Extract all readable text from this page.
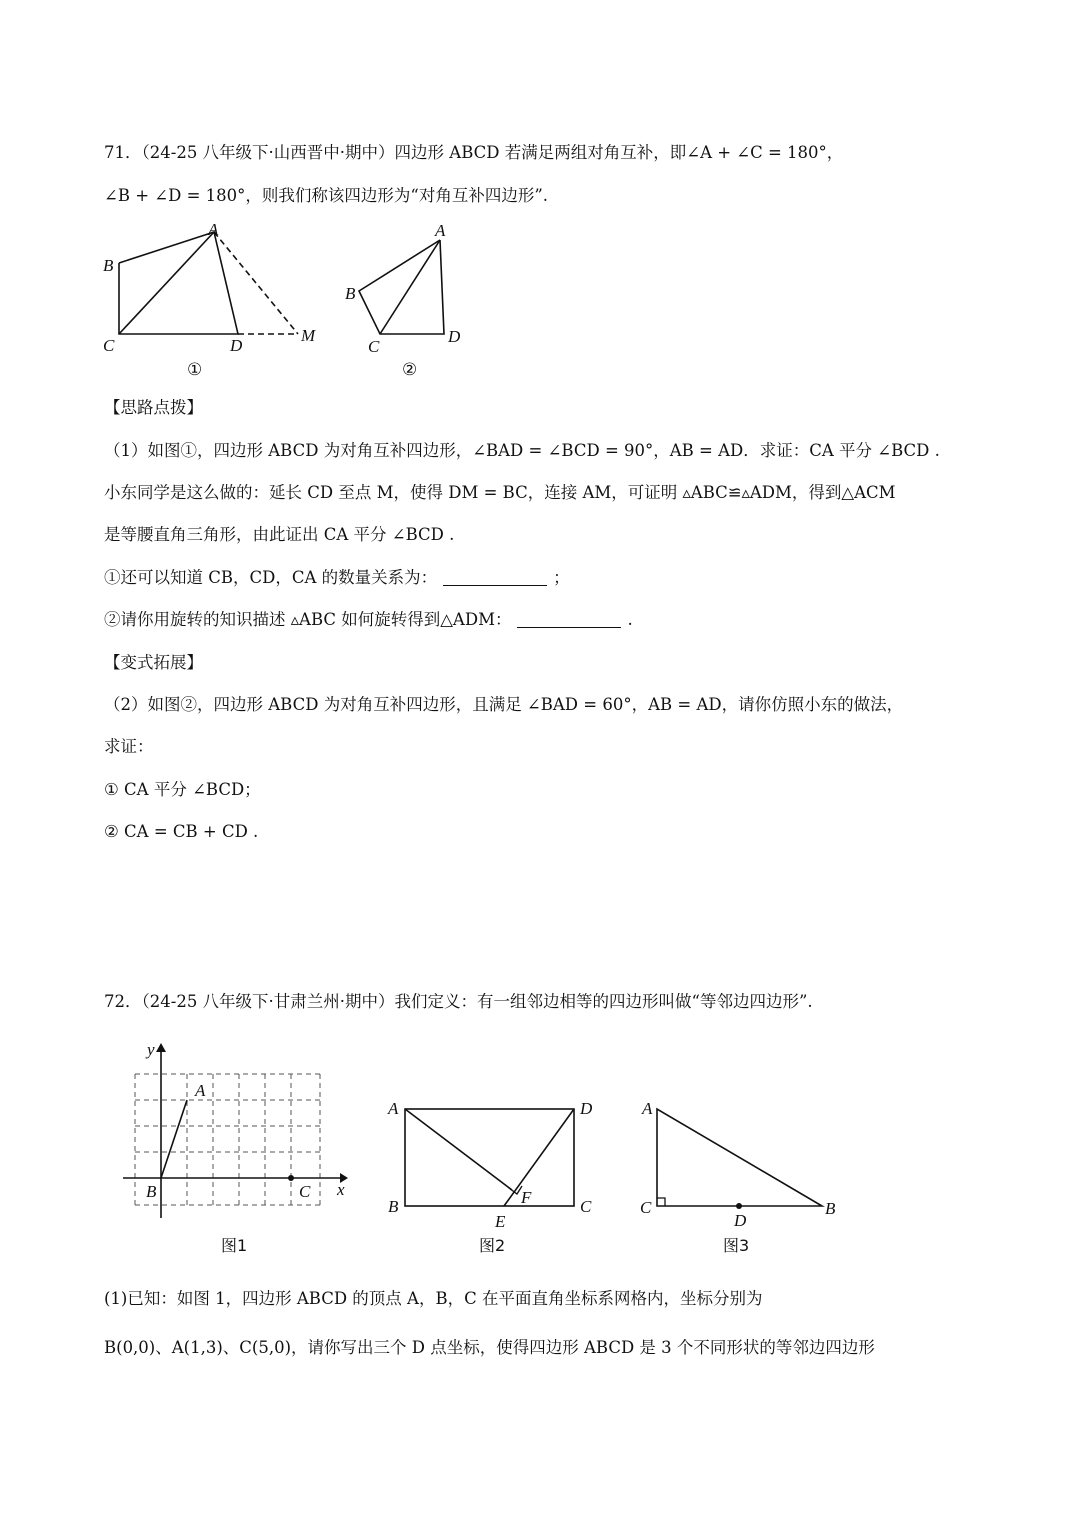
71．（24-25 八年级下·山西晋中·期中）四边形 ABCD 若满足两组对角互补，即∠A + ∠C = 180°，
∠B + ∠D = 180°，则我们称该四边形为“对角互补四边形”.
A
B
C	D
M
①
A
B
C
D
②
【思路点拨】
（1）如图①，四边形 ABCD 为对角互补四边形，∠BAD = ∠BCD = 90°，AB = AD．求证：CA 平分 ∠BCD .
小东同学是这么做的：延长 CD 至点 M，使得 DM = BC，连接 AM，可证明 ▵ABC≌▵ADM，得到△ACM
是等腰直角三角形，由此证出 CA 平分 ∠BCD .
①还可以知道 CB，CD，CA 的数量关系为：	；
②请你用旋转的知识描述 ▵ABC 如何旋转得到△ADM：	.
【变式拓展】
（2）如图②，四边形 ABCD 为对角互补四边形，且满足 ∠BAD = 60°，AB = AD，请你仿照小东的做法，
求证：
① CA 平分 ∠BCD；
② CA = CB + CD .
72．（24-25 八年级下·甘肃兰州·期中）我们定义：有一组邻边相等的四边形叫做“等邻边四边形”.
y
x
A
B	C
图1
A	D
B	C
E
F
图2
A
C
D
B
图3
(1)已知：如图 1，四边形 ABCD 的顶点 A，B，C 在平面直角坐标系网格内，坐标分别为
B(0,0)、A(1,3)、C(5,0)，请你写出三个 D 点坐标，使得四边形 ABCD 是 3 个不同形状的等邻边四边形
